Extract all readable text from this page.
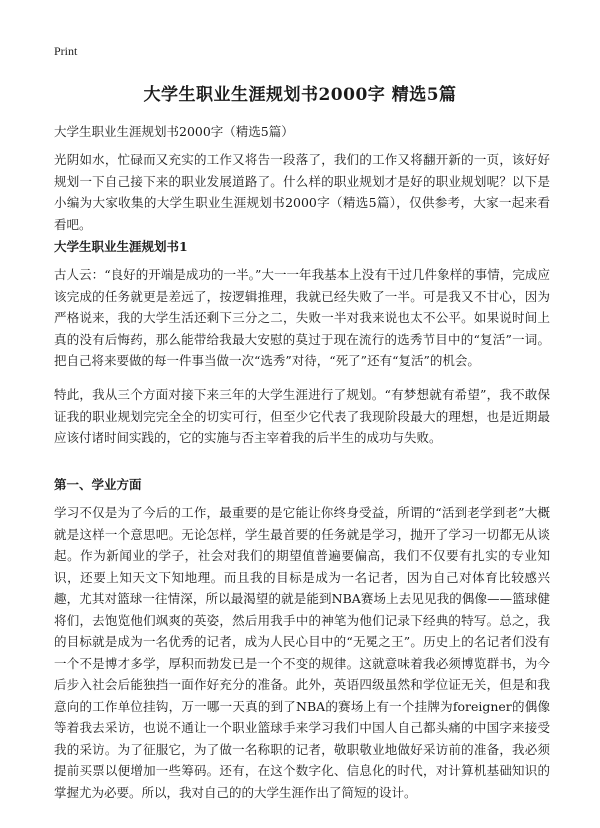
Print
大学生职业生涯规划书2000字 精选5篇
大学生职业生涯规划书2000字（精选5篇）

光阴如水，忙碌而又充实的工作又将告一段落了，我们的工作又将翻开新的一页，该好好规划一下自己接下来的职业发展道路了。什么样的职业规划才是好的职业规划呢？以下是小编为大家收集的大学生职业生涯规划书2000字（精选5篇），仅供参考，大家一起来看看吧。

大学生职业生涯规划书1

古人云：“良好的开端是成功的一半。”大一一年我基本上没有干过几件象样的事情，完成应该完成的任务就更是差远了，按逻辑推理，我就已经失败了一半。可是我又不甘心，因为严格说来，我的大学生活还剩下三分之二，失败一半对我来说也太不公平。如果说时间上真的没有后悔药，那么能带给我最大安慰的莫过于现在流行的选秀节目中的“复活”一词。把自己将来要做的每一件事当做一次“选秀”对待，“死了”还有“复活”的机会。

特此，我从三个方面对接下来三年的大学生涯进行了规划。“有梦想就有希望”，我不敢保证我的职业规划完完全全的切实可行，但至少它代表了我现阶段最大的理想，也是近期最应该付诸时间实践的，它的实施与否主宰着我的后半生的成功与失败。

第一、学业方面

学习不仅是为了今后的工作，最重要的是它能让你终身受益，所谓的“活到老学到老”大概就是这样一个意思吧。无论怎样，学生最首要的任务就是学习，抛开了学习一切都无从谈起。作为新闻业的学子，社会对我们的期望值普遍要偏高，我们不仅要有扎实的专业知识，还要上知天文下知地理。而且我的目标是成为一名记者，因为自己对体育比较感兴趣，尤其对篮球一往情深，所以最渴望的就是能到NBA赛场上去见见我的偶像——篮球健将们，去饱览他们飒爽的英姿，然后用我手中的神笔为他们记录下经典的特写。总之，我的目标就是成为一名优秀的记者，成为人民心目中的“无冕之王”。历史上的名记者们没有一个不是博才多学，厚积而勃发已是一个不变的规律。这就意味着我必须博览群书，为今后步入社会后能独挡一面作好充分的准备。此外，英语四级虽然和学位证无关，但是和我意向的工作单位挂钩，万一哪一天真的到了NBA的赛场上有一个挂牌为foreigner的偶像等着我去采访，也说不通让一个职业篮球手来学习我们中国人自己都头痛的中国字来接受我的采访。为了征服它，为了做一名称职的记者，敬职敬业地做好采访前的准备，我必须提前买票以便增加一些筹码。还有，在这个数字化、信息化的时代，对计算机基础知识的掌握尤为必要。所以，我对自己的的大学生涯作出了简短的设计。
